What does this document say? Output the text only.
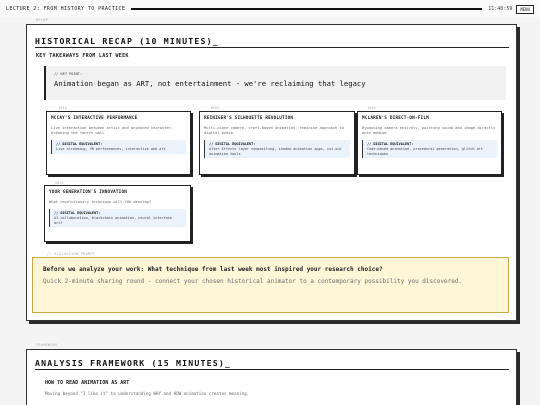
LECTURE 2: FROM HISTORY TO PRACTICE	11:40:59	MENU
RECAP
HISTORICAL RECAP (10 MINUTES)_
KEY TAKEAWAYS FROM LAST WEEK
// KEY POINT:
Animation began as ART, not entertainment - we're reclaiming that legacy
1914
MCCAY'S INTERACTIVE PERFORMANCE
Live interaction between artist and animated character, breaking the fourth wall
// DIGITAL EQUIVALENT:
Live streaming, VR performances, interactive web art
1926
REINIGER'S SILHOUETTE REVOLUTION
Multi-plane camera, craft-based animation, feminine approach to digital media
// DIGITAL EQUIVALENT:
After Effects layer compositing, shadow animation apps, cut-out animation tools
1940
MCLAREN'S DIRECT-ON-FILM
Bypassing camera entirely, painting sound and image directly onto medium
// DIGITAL EQUIVALENT:
Code-based animation, procedural generation, glitch art techniques
2025
YOUR GENERATION'S INNOVATION
What revolutionary technique will YOU develop?
// DIGITAL EQUIVALENT:
AI collaboration, blockchain animation, neural interface art?
// DISCUSSION PROMPT
Before we analyze your work: What technique from last week most inspired your research choice?
Quick 2-minute sharing round - connect your chosen historical animator to a contemporary possibility you discovered.
FRAMEWORK
ANALYSIS FRAMEWORK (15 MINUTES)_
HOW TO READ ANIMATION AS ART
Moving beyond "I like it" to understanding WHY and HOW animation creates meaning.
